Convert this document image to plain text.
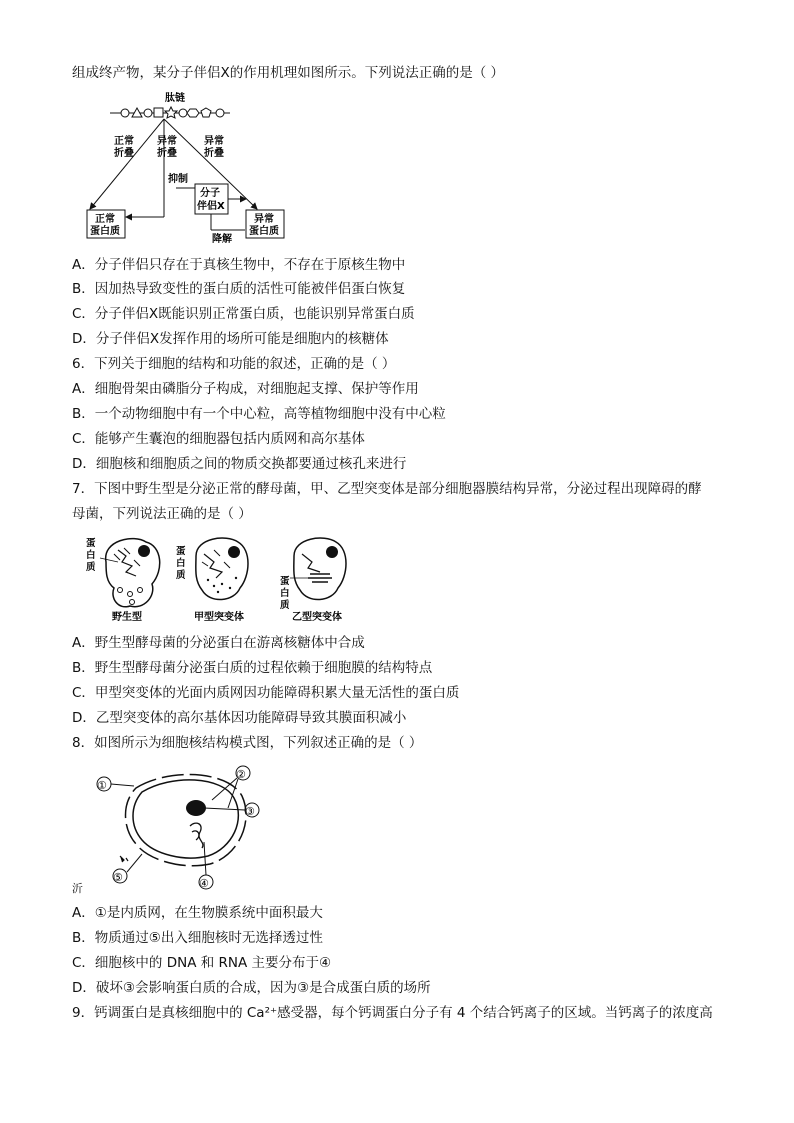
组成终产物，某分子伴侣X的作用机理如图所示。下列说法正确的是（ ）
肽链
正常折叠
异常折叠
异常折叠
抑制
分子伴侣X
降解
正常蛋白质
异常蛋白质
A．分子伴侣只存在于真核生物中，不存在于原核生物中
B．因加热导致变性的蛋白质的活性可能被伴侣蛋白恢复
C．分子伴侣X既能识别正常蛋白质，也能识别异常蛋白质
D．分子伴侣X发挥作用的场所可能是细胞内的核糖体
6．下列关于细胞的结构和功能的叙述，正确的是（ ）
A．细胞骨架由磷脂分子构成，对细胞起支撑、保护等作用
B．一个动物细胞中有一个中心粒，高等植物细胞中没有中心粒
C．能够产生囊泡的细胞器包括内质网和高尔基体
D．细胞核和细胞质之间的物质交换都要通过核孔来进行
7．下图中野生型是分泌正常的酵母菌，甲、乙型突变体是部分细胞器膜结构异常，分泌过程出现障碍的酵
母菌，下列说法正确的是（ ）
蛋白质
野生型
蛋白质
甲型突变体
蛋白质
乙型突变体
A．野生型酵母菌的分泌蛋白在游离核糖体中合成
B．野生型酵母菌分泌蛋白质的过程依赖于细胞膜的结构特点
C．甲型突变体的光面内质网因功能障碍积累大量无活性的蛋白质
D．乙型突变体的高尔基体因功能障碍导致其膜面积减小
8．如图所示为细胞核结构模式图，下列叙述正确的是（ ）
①
②
③
④
⑤
沂
A．①是内质网，在生物膜系统中面积最大
B．物质通过⑤出入细胞核时无选择透过性
C．细胞核中的 DNA 和 RNA 主要分布于④
D．破坏③会影响蛋白质的合成，因为③是合成蛋白质的场所
9．钙调蛋白是真核细胞中的 Ca²⁺感受器，每个钙调蛋白分子有 4 个结合钙离子的区域。当钙离子的浓度高
